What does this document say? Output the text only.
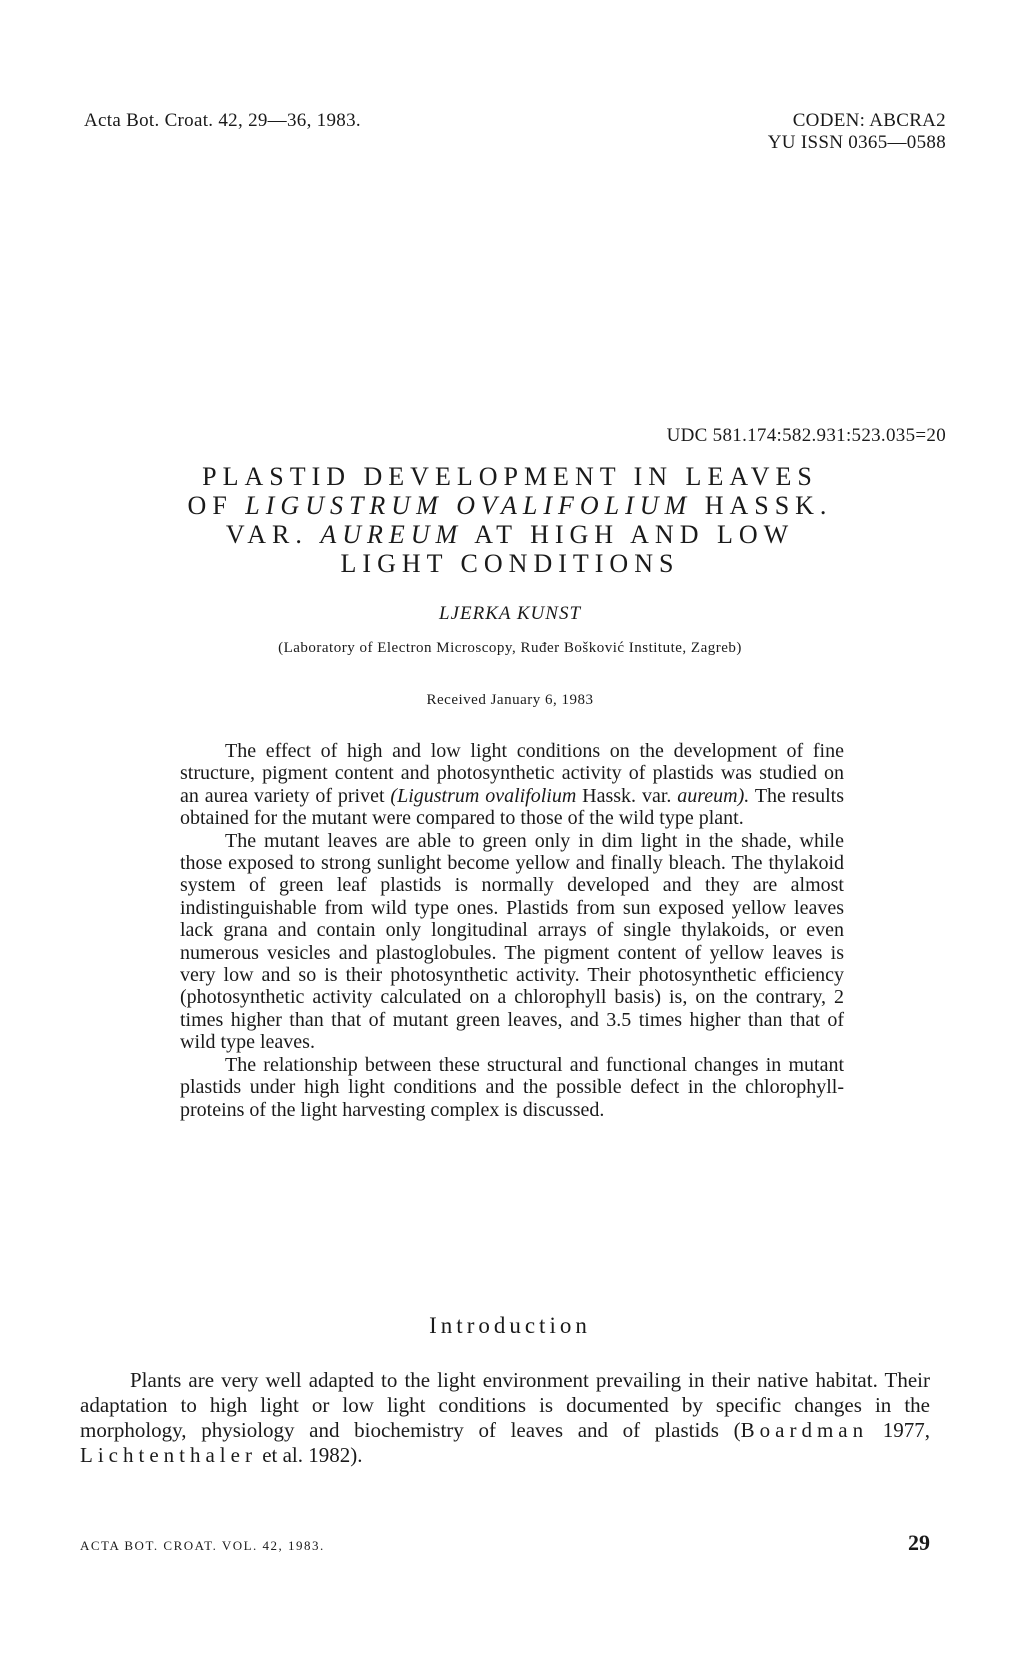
Acta Bot. Croat. 42, 29—36, 1983.	CODEN: ABCRA2
YU ISSN 0365—0588
UDC 581.174:582.931:523.035=20
PLASTID DEVELOPMENT IN LEAVES
OF LIGUSTRUM OVALIFOLIUM HASSK.
VAR. AUREUM AT HIGH AND LOW
LIGHT CONDITIONS
LJERKA KUNST
(Laboratory of Electron Microscopy, Ruđer Bošković Institute, Zagreb)
Received January 6, 1983

The effect of high and low light conditions on the development of fine structure, pigment content and photosynthetic activity of plastids was studied on an aurea variety of privet (Ligustrum ovalifolium Hassk. var. aureum). The results obtained for the mutant were compared to those of the wild type plant.

The mutant leaves are able to green only in dim light in the shade, while those exposed to strong sunlight become yellow and finally bleach. The thylakoid system of green leaf plastids is normally developed and they are almost indistinguishable from wild type ones. Plastids from sun exposed yellow leaves lack grana and contain only longitudinal arrays of single thylakoids, or even numerous vesicles and plastoglobules. The pigment content of yellow leaves is very low and so is their photosynthetic activity. Their photosynthetic efficiency (photosynthetic activity calculated on a chlorophyll basis) is, on the contrary, 2 times higher than that of mutant green leaves, and 3.5 times higher than that of wild type leaves.

The relationship between these structural and functional changes in mutant plastids under high light conditions and the possible defect in the chlorophyll-proteins of the light harvesting complex is discussed.

Introduction

Plants are very well adapted to the light environment prevailing in their native habitat. Their adaptation to high light or low light conditions is documented by specific changes in the morphology, physiology and biochemistry of leaves and of plastids (Boardman 1977, Lichtenthaler et al. 1982).

ACTA BOT. CROAT. VOL. 42, 1983.	29
